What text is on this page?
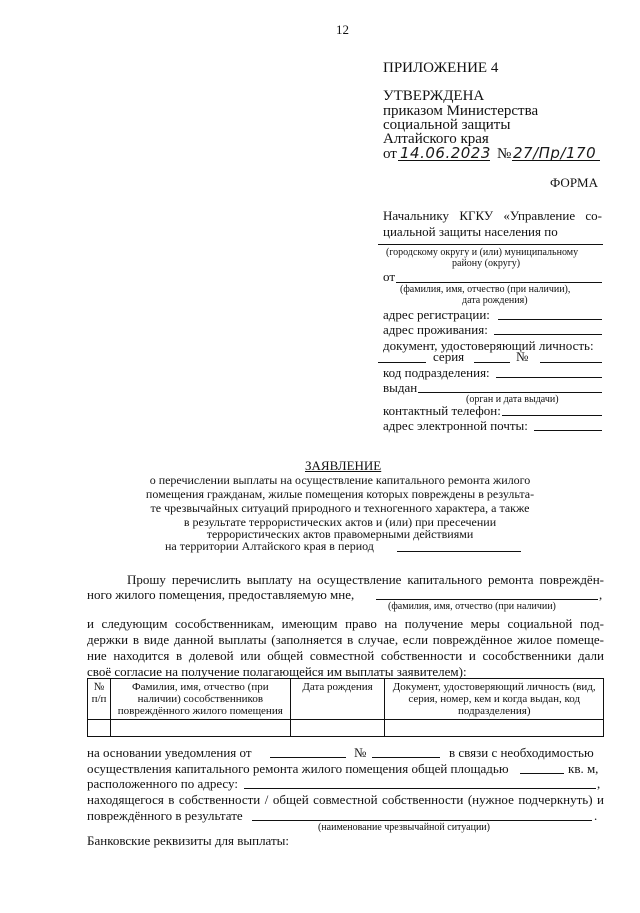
12
ПРИЛОЖЕНИЕ 4
УТВЕРЖДЕНА
приказом Министерства
социальной защиты
Алтайского края
от 14.06.2023 № 27/Пр/170
ФОРМА
Начальнику КГКУ «Управление со-
циальной защиты населения по
(городскому округу и (или) муниципальному
району (округу)
от
(фамилия, имя, отчество (при наличии),
дата рождения)
адрес регистрации:
адрес проживания:
документ, удостоверяющий личность:
серия	№
код подразделения:
выдан
(орган и дата выдачи)
контактный телефон:
адрес электронной почты:
ЗАЯВЛЕНИЕ
о перечислении выплаты на осуществление капитального ремонта жилого
помещения гражданам, жилые помещения которых повреждены в результа-
те чрезвычайных ситуаций природного и техногенного характера, а также
в результате террористических актов и (или) при пресечении
террористических актов правомерными действиями
на территории Алтайского края в период
Прошу перечислить выплату на осуществление капитального ремонта повреждён-
ного жилого помещения, предоставляемую мне,	,
(фамилия, имя, отчество (при наличии)
и следующим сособственникам, имеющим право на получение меры социальной под-
держки в виде данной выплаты (заполняется в случае, если повреждённое жилое помеще-
ние находится в долевой или общей совместной собственности и сособственники дали
своё согласие на получение полагающейся им выплаты заявителем):
№ п/п	Фамилия, имя, отчество (при наличии) сособственников повреждённого жилого помещения	Дата рождения	Документ, удостоверяющий личность (вид, серия, номер, кем и когда выдан, код подразделения)

на основании уведомления от	№	в связи с необходимостью
осуществления капитального ремонта жилого помещения общей площадью	кв. м,
расположенного по адресу:	,
находящегося в собственности / общей совместной собственности (нужное подчеркнуть) и
повреждённого в результате	.
(наименование чрезвычайной ситуации)
Банковские реквизиты для выплаты:
